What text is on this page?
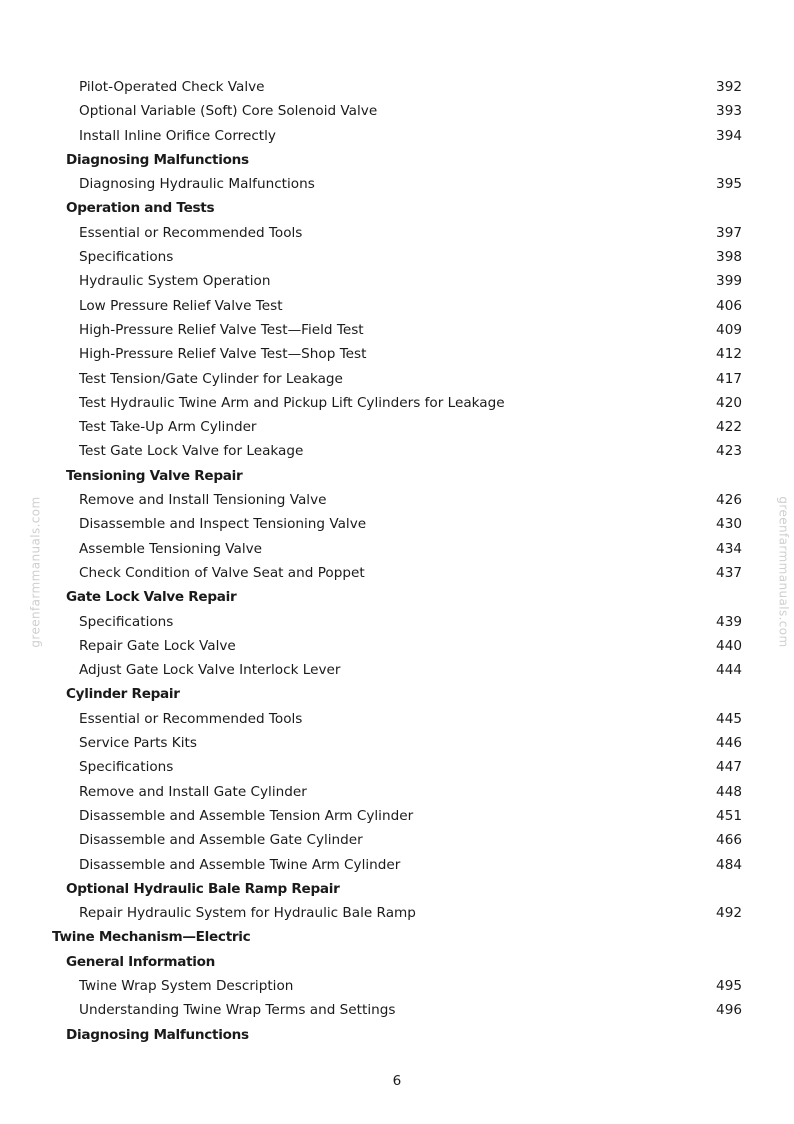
Pilot-Operated Check Valve	392
Optional Variable (Soft) Core Solenoid Valve	393
Install Inline Orifice Correctly	394
Diagnosing Malfunctions
Diagnosing Hydraulic Malfunctions	395
Operation and Tests
Essential or Recommended Tools	397
Specifications	398
Hydraulic System Operation	399
Low Pressure Relief Valve Test	406
High-Pressure Relief Valve Test—Field Test	409
High-Pressure Relief Valve Test—Shop Test	412
Test Tension/Gate Cylinder for Leakage	417
Test Hydraulic Twine Arm and Pickup Lift Cylinders for Leakage	420
Test Take-Up Arm Cylinder	422
Test Gate Lock Valve for Leakage	423
Tensioning Valve Repair
Remove and Install Tensioning Valve	426
Disassemble and Inspect Tensioning Valve	430
Assemble Tensioning Valve	434
Check Condition of Valve Seat and Poppet	437
Gate Lock Valve Repair
Specifications	439
Repair Gate Lock Valve	440
Adjust Gate Lock Valve Interlock Lever	444
Cylinder Repair
Essential or Recommended Tools	445
Service Parts Kits	446
Specifications	447
Remove and Install Gate Cylinder	448
Disassemble and Assemble Tension Arm Cylinder	451
Disassemble and Assemble Gate Cylinder	466
Disassemble and Assemble Twine Arm Cylinder	484
Optional Hydraulic Bale Ramp Repair
Repair Hydraulic System for Hydraulic Bale Ramp	492
Twine Mechanism—Electric
General Information
Twine Wrap System Description	495
Understanding Twine Wrap Terms and Settings	496
Diagnosing Malfunctions
6
greenfarmmanuals.com	greenfarmmanuals.com
